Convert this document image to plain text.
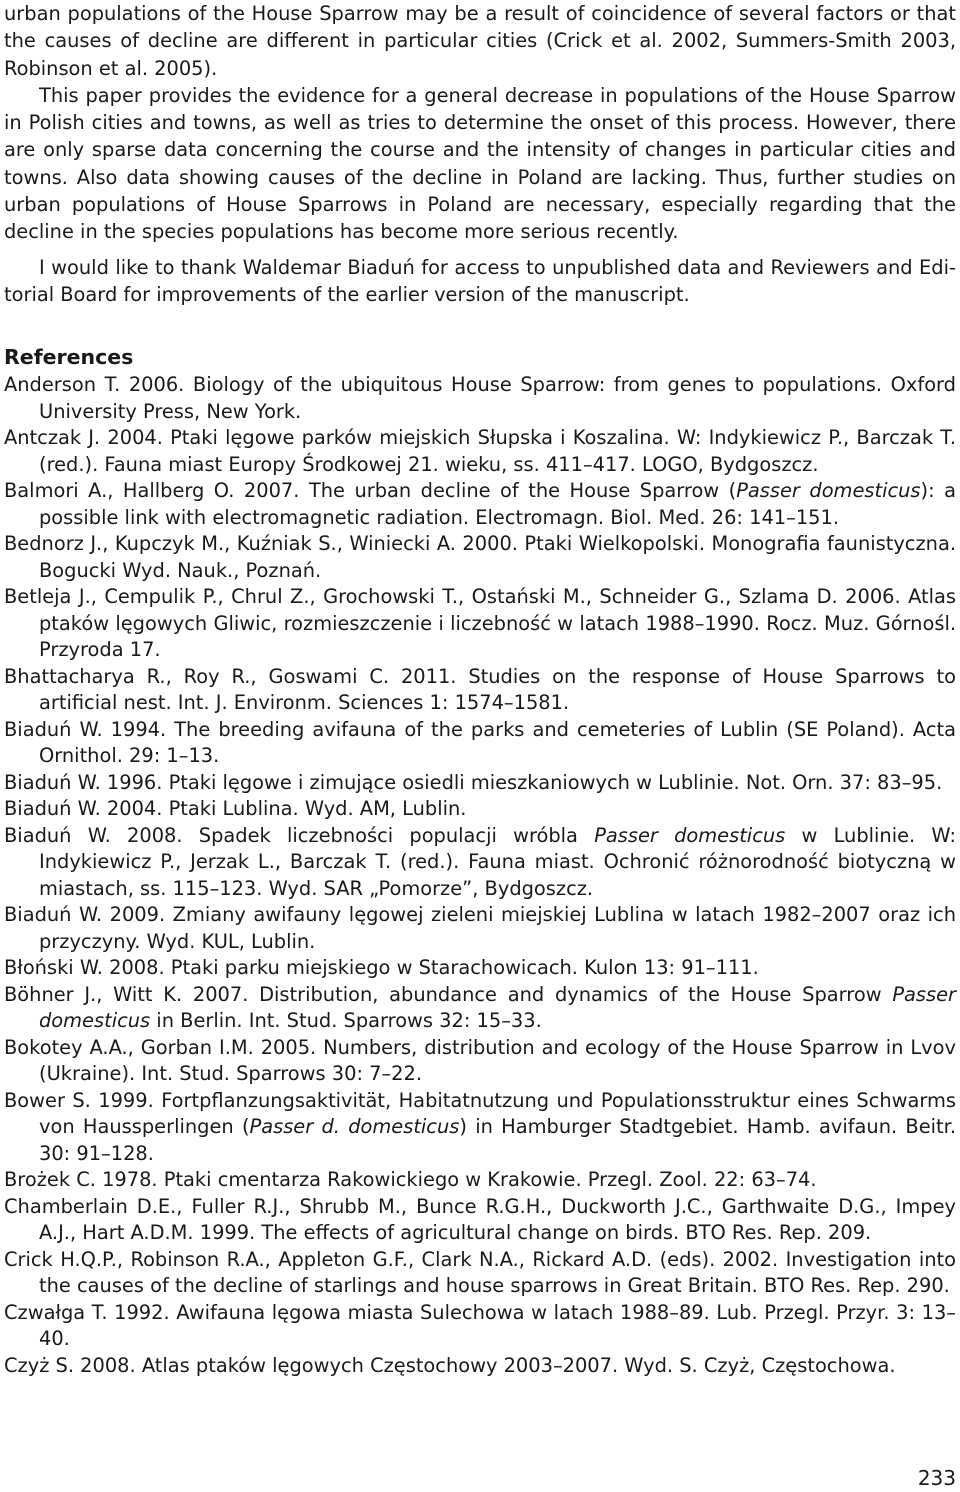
urban populations of the House Sparrow may be a result of coincidence of several factors or that the causes of decline are different in particular cities (Crick et al. 2002, Summers-Smith 2003, Robinson et al. 2005).

This paper provides the evidence for a general decrease in populations of the House Sparrow in Polish cities and towns, as well as tries to determine the onset of this process. However, there are only sparse data concerning the course and the intensity of changes in particular cities and towns. Also data showing causes of the decline in Poland are lacking. Thus, further studies on urban populations of House Sparrows in Poland are necessary, especially regarding that the decline in the species populations has become more serious recently.

I would like to thank Waldemar Biaduń for access to unpublished data and Reviewers and Editorial Board for improvements of the earlier version of the manuscript.

References

Anderson T. 2006. Biology of the ubiquitous House Sparrow: from genes to populations. Oxford University Press, New York.

Antczak J. 2004. Ptaki lęgowe parków miejskich Słupska i Koszalina. W: Indykiewicz P., Barczak T. (red.). Fauna miast Europy Środkowej 21. wieku, ss. 411–417. LOGO, Bydgoszcz.

Balmori A., Hallberg O. 2007. The urban decline of the House Sparrow (Passer domesticus): a possible link with electromagnetic radiation. Electromagn. Biol. Med. 26: 141–151.

Bednorz J., Kupczyk M., Kuźniak S., Winiecki A. 2000. Ptaki Wielkopolski. Monografia faunistyczna. Bogucki Wyd. Nauk., Poznań.

Betleja J., Cempulik P., Chrul Z., Grochowski T., Ostański M., Schneider G., Szlama D. 2006. Atlas ptaków lęgowych Gliwic, rozmieszczenie i liczebność w latach 1988–1990. Rocz. Muz. Górnośl. Przyroda 17.

Bhattacharya R., Roy R., Goswami C. 2011. Studies on the response of House Sparrows to artificial nest. Int. J. Environm. Sciences 1: 1574–1581.

Biaduń W. 1994. The breeding avifauna of the parks and cemeteries of Lublin (SE Poland). Acta Ornithol. 29: 1–13.

Biaduń W. 1996. Ptaki lęgowe i zimujące osiedli mieszkaniowych w Lublinie. Not. Orn. 37: 83–95.

Biaduń W. 2004. Ptaki Lublina. Wyd. AM, Lublin.

Biaduń W. 2008. Spadek liczebności populacji wróbla Passer domesticus w Lublinie. W: Indykiewicz P., Jerzak L., Barczak T. (red.). Fauna miast. Ochronić różnorodność biotyczną w miastach, ss. 115–123. Wyd. SAR „Pomorze”, Bydgoszcz.

Biaduń W. 2009. Zmiany awifauny lęgowej zieleni miejskiej Lublina w latach 1982–2007 oraz ich przyczyny. Wyd. KUL, Lublin.

Błoński W. 2008. Ptaki parku miejskiego w Starachowicach. Kulon 13: 91–111.

Böhner J., Witt K. 2007. Distribution, abundance and dynamics of the House Sparrow Passer domesticus in Berlin. Int. Stud. Sparrows 32: 15–33.

Bokotey A.A., Gorban I.M. 2005. Numbers, distribution and ecology of the House Sparrow in Lvov (Ukraine). Int. Stud. Sparrows 30: 7–22.

Bower S. 1999. Fortpflanzungsaktivität, Habitatnutzung und Populationsstruktur eines Schwarms von Haussperlingen (Passer d. domesticus) in Hamburger Stadtgebiet. Hamb. avifaun. Beitr. 30: 91–128.

Brożek C. 1978. Ptaki cmentarza Rakowickiego w Krakowie. Przegl. Zool. 22: 63–74.

Chamberlain D.E., Fuller R.J., Shrubb M., Bunce R.G.H., Duckworth J.C., Garthwaite D.G., Impey A.J., Hart A.D.M. 1999. The effects of agricultural change on birds. BTO Res. Rep. 209.

Crick H.Q.P., Robinson R.A., Appleton G.F., Clark N.A., Rickard A.D. (eds). 2002. Investigation into the causes of the decline of starlings and house sparrows in Great Britain. BTO Res. Rep. 290.

Czwałga T. 1992. Awifauna lęgowa miasta Sulechowa w latach 1988–89. Lub. Przegl. Przyr. 3: 13–40.

Czyż S. 2008. Atlas ptaków lęgowych Częstochowy 2003–2007. Wyd. S. Czyż, Częstochowa.

233
